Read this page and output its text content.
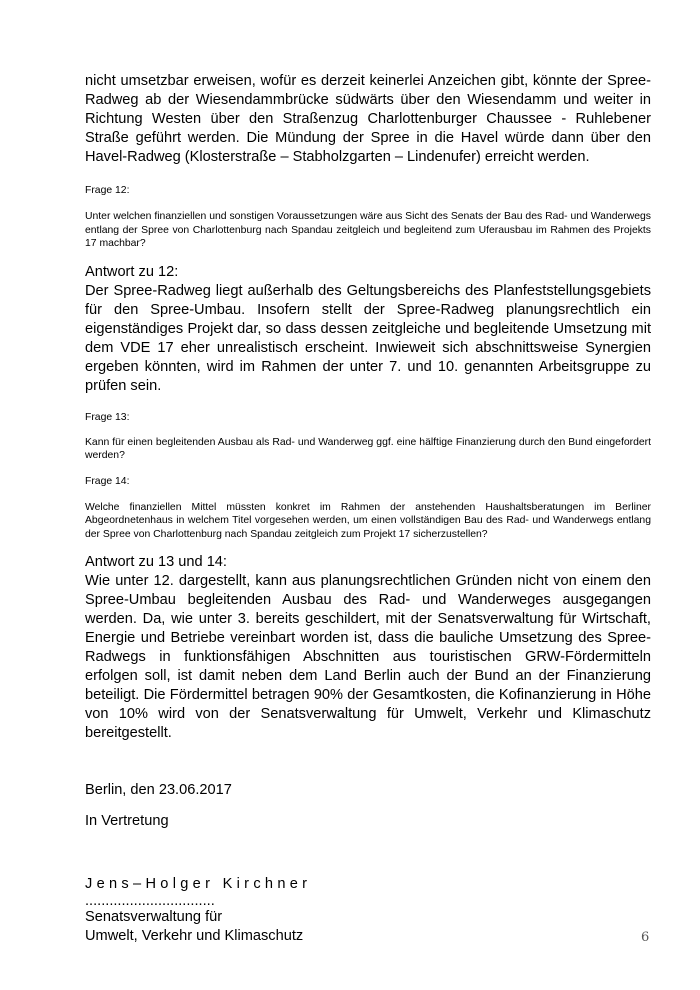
nicht umsetzbar erweisen, wofür es derzeit keinerlei Anzeichen gibt, könnte der Spree-Radweg ab der Wiesendammbrücke südwärts über den Wiesendamm und weiter in Richtung Westen über den Straßenzug Charlottenburger Chaussee - Ruhlebener Straße geführt werden. Die Mündung der Spree in die Havel würde dann über den Havel-Radweg (Klosterstraße – Stabholzgarten – Lindenufer) erreicht werden.

Frage 12:

Unter welchen finanziellen und sonstigen Voraussetzungen wäre aus Sicht des Senats der Bau des Rad- und Wanderwegs entlang der Spree von Charlottenburg nach Spandau zeitgleich und begleitend zum Uferausbau im Rahmen des Projekts 17 machbar?

Antwort zu 12:

Der Spree-Radweg liegt außerhalb des Geltungsbereichs des Planfeststellungsgebiets für den Spree-Umbau. Insofern stellt der Spree-Radweg planungsrechtlich ein eigenständiges Projekt dar, so dass dessen zeitgleiche und begleitende Umsetzung mit dem VDE 17 eher unrealistisch erscheint. Inwieweit sich abschnittsweise Synergien ergeben könnten, wird im Rahmen der unter 7. und 10. genannten Arbeitsgruppe zu prüfen sein.

Frage 13:

Kann für einen begleitenden Ausbau als Rad- und Wanderweg ggf. eine hälftige Finanzierung durch den Bund eingefordert werden?

Frage 14:

Welche finanziellen Mittel müssten konkret im Rahmen der anstehenden Haushaltsberatungen im Berliner Abgeordnetenhaus in welchem Titel vorgesehen werden, um einen vollständigen Bau des Rad- und Wanderwegs entlang der Spree von Charlottenburg nach Spandau zeitgleich zum Projekt 17 sicherzustellen?

Antwort zu 13 und 14:

Wie unter 12. dargestellt, kann aus planungsrechtlichen Gründen nicht von einem den Spree-Umbau begleitenden Ausbau des Rad- und Wanderweges ausgegangen werden. Da, wie unter 3. bereits geschildert, mit der Senatsverwaltung für Wirtschaft, Energie und Betriebe vereinbart worden ist, dass die bauliche Umsetzung des Spree-Radwegs in funktionsfähigen Abschnitten aus touristischen GRW-Fördermitteln erfolgen soll, ist damit neben dem Land Berlin auch der Bund an der Finanzierung beteiligt. Die Fördermittel betragen 90% der Gesamtkosten, die Kofinanzierung in Höhe von 10% wird von der Senatsverwaltung für Umwelt, Verkehr und Klimaschutz bereitgestellt.

Berlin, den 23.06.2017

In Vertretung

Jens–Holger Kirchner

................................

Senatsverwaltung für

Umwelt, Verkehr und Klimaschutz	6
